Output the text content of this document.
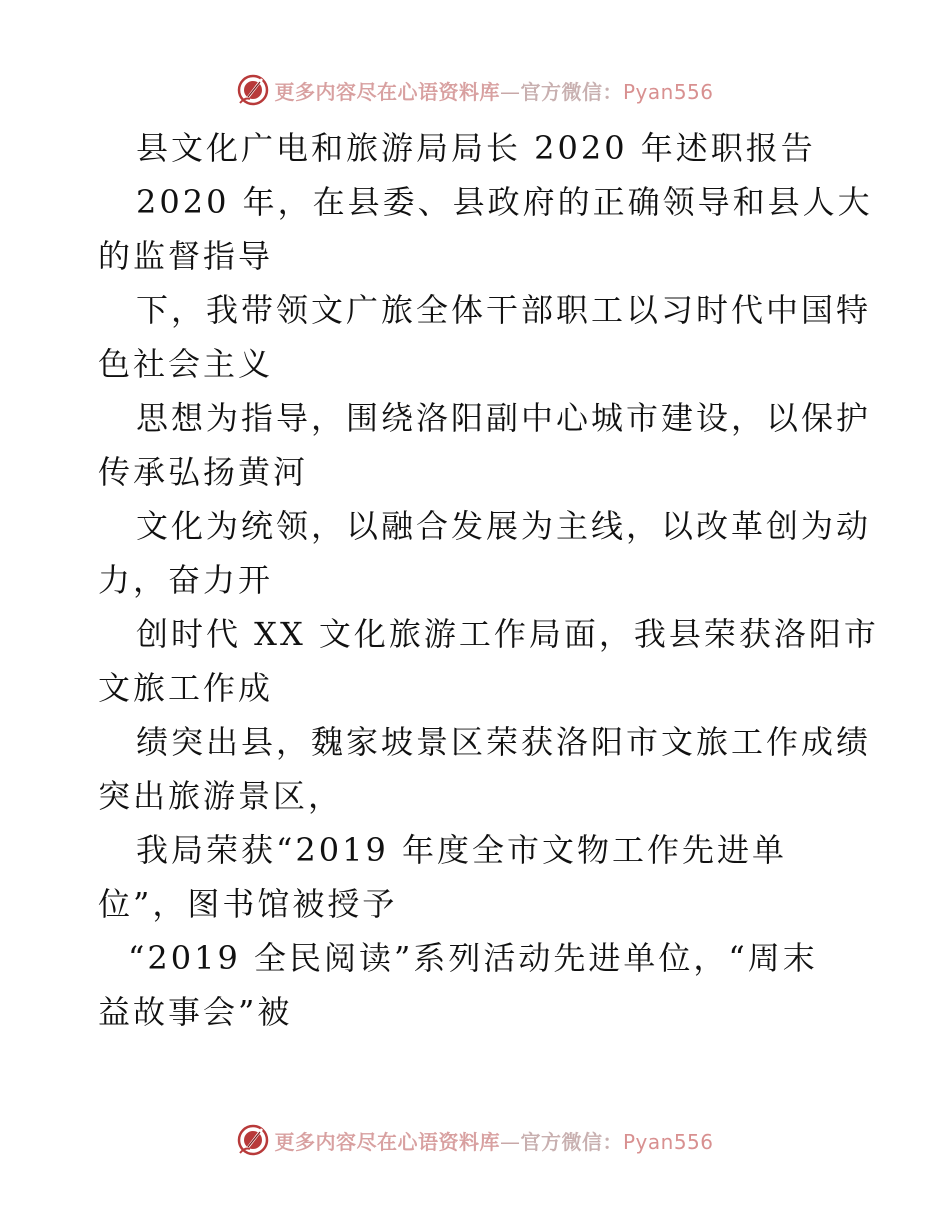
更多内容尽在心语资料库—官方微信：Pyan556

县文化广电和旅游局局长 2020 年述职报告

2020 年，在县委、县政府的正确领导和县人大

的监督指导

下，我带领文广旅全体干部职工以习时代中国特

色社会主义

思想为指导，围绕洛阳副中心城市建设，以保护

传承弘扬黄河

文化为统领，以融合发展为主线，以改革创为动

力，奋力开

创时代 XX 文化旅游工作局面，我县荣获洛阳市

文旅工作成

绩突出县，魏家坡景区荣获洛阳市文旅工作成绩

突出旅游景区，

我局荣获“2019 年度全市文物工作先进单

位”，图书馆被授予

“2019 全民阅读”系列活动先进单位，“周末

益故事会”被

更多内容尽在心语资料库—官方微信：Pyan556
